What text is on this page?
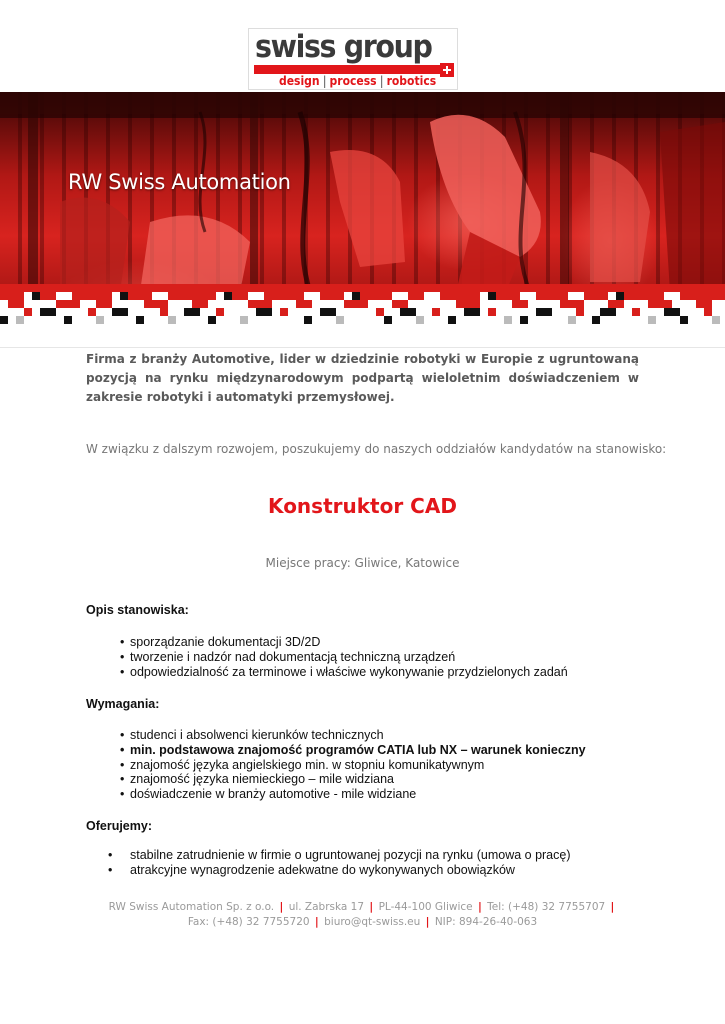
swiss group
design | process | robotics
RW Swiss Automation
Firma z branży Automotive, lider w dziedzinie robotyki w Europie z ugruntowaną pozycją na rynku międzynarodowym podpartą wieloletnim doświadczeniem w zakresie robotyki i automatyki przemysłowej.
W związku z dalszym rozwojem, poszukujemy do naszych oddziałów kandydatów na stanowisko:
Konstruktor CAD
Miejsce pracy: Gliwice, Katowice
Opis stanowiska:
• sporządzanie dokumentacji 3D/2D
• tworzenie i nadzór nad dokumentacją techniczną urządzeń
• odpowiedzialność za terminowe i właściwe wykonywanie przydzielonych zadań
Wymagania:
• studenci i absolwenci kierunków technicznych
• min. podstawowa znajomość programów CATIA lub NX – warunek konieczny
• znajomość języka angielskiego min. w stopniu komunikatywnym
• znajomość języka niemieckiego – mile widziana
• doświadczenie w branży automotive - mile widziane
Oferujemy:
• stabilne zatrudnienie w firmie o ugruntowanej pozycji na rynku (umowa o pracę)
• atrakcyjne wynagrodzenie adekwatne do wykonywanych obowiązków
RW Swiss Automation Sp. z o.o. | ul. Zabrska 17 | PL-44-100 Gliwice | Tel: (+48) 32 7755707 |
Fax: (+48) 32 7755720 | biuro@qt-swiss.eu | NIP: 894-26-40-063
